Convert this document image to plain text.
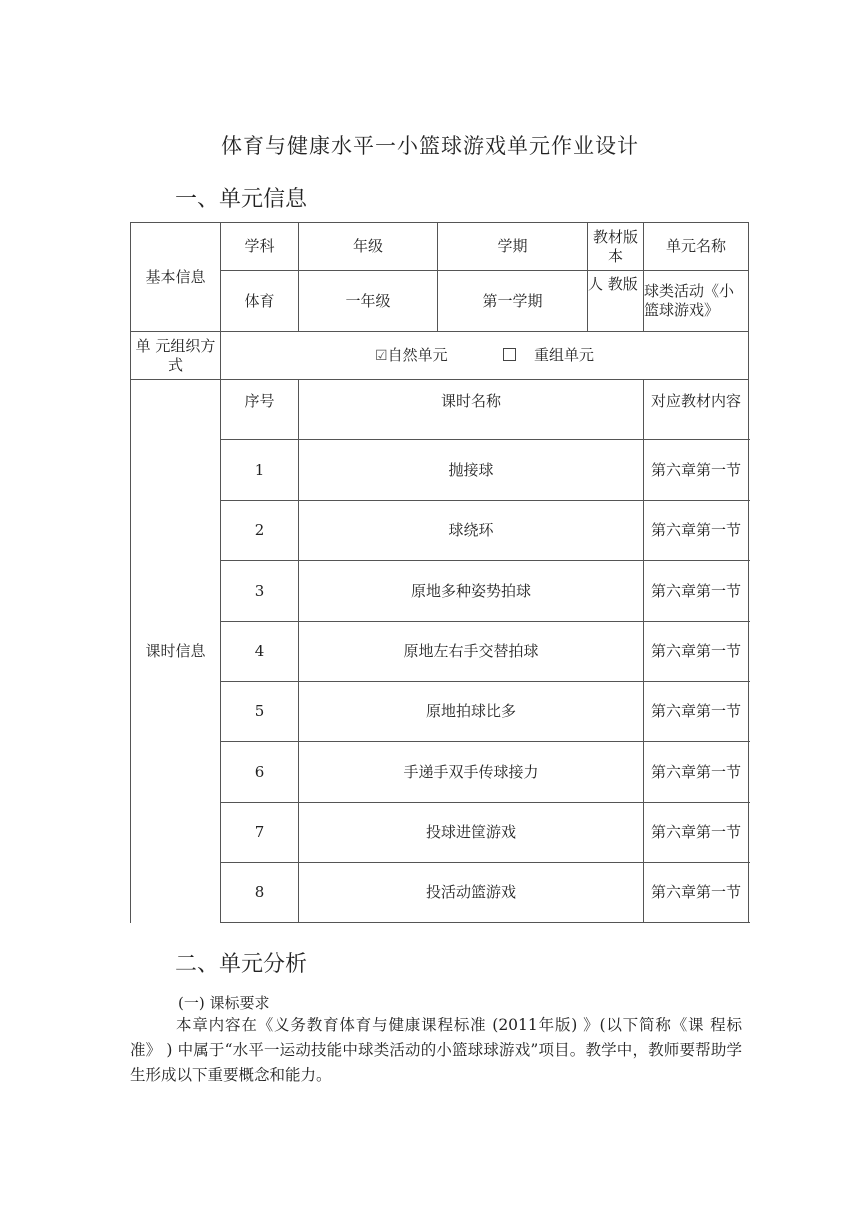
体育与健康水平一小篮球游戏单元作业设计
一、单元信息
基本信息	学科	年级	学期	教材版本	单元名称
	体育	一年级	第一学期	人 教版	球类活动《小篮球游戏》
单 元组织方式	☑自然单元 重组单元				
课时信息	序号	课时名称			对应教材内容
	1	抛接球			第六章第一节
	2	球绕环			第六章第一节
	3	原地多种姿势拍球			第六章第一节
	4	原地左右手交替拍球			第六章第一节
	5	原地拍球比多			第六章第一节
	6	手递手双手传球接力			第六章第一节
	7	投球进筐游戏			第六章第一节
	8	投活动篮游戏			第六章第一节
二、单元分析

(一) 课标要求

本章内容在《义务教育体育与健康课程标准 (2011年版) 》(以下简称《课 程标准》 ) 中属于“水平一运动技能中球类活动的小篮球球游戏”项目。教学中，教师要帮助学生形成以下重要概念和能力。
